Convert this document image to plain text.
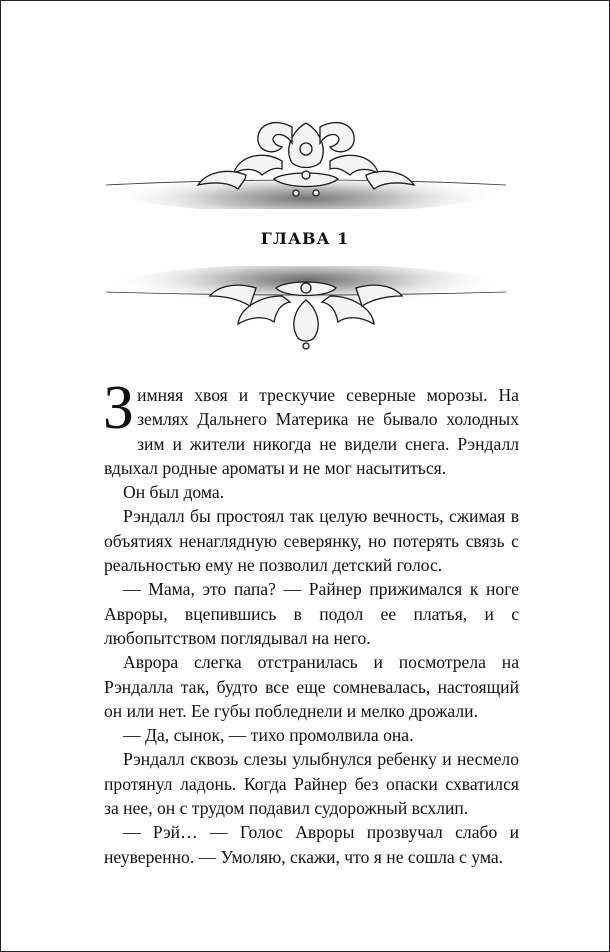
ГЛАВА 1

Зимняя хвоя и трескучие северные морозы. На землях Дальнего Материка не бывало холодных зим и жители никогда не видели снега. Рэндалл вдыхал родные ароматы и не мог насытиться.

Он был дома.

Рэндалл бы простоял так целую вечность, сжимая в объятиях ненаглядную северянку, но потерять связь с реальностью ему не позволил детский голос.

— Мама, это папа? — Райнер прижимался к ноге Авроры, вцепившись в подол ее платья, и с любопытством поглядывал на него.

Аврора слегка отстранилась и посмотрела на Рэндалла так, будто все еще сомневалась, настоящий он или нет. Ее губы побледнели и мелко дрожали.

— Да, сынок, — тихо промолвила она.

Рэндалл сквозь слезы улыбнулся ребенку и несмело протянул ладонь. Когда Райнер без опаски схватился за нее, он с трудом подавил судорожный всхлип.

— Рэй… — Голос Авроры прозвучал слабо и неуверенно. — Умоляю, скажи, что я не сошла с ума.
